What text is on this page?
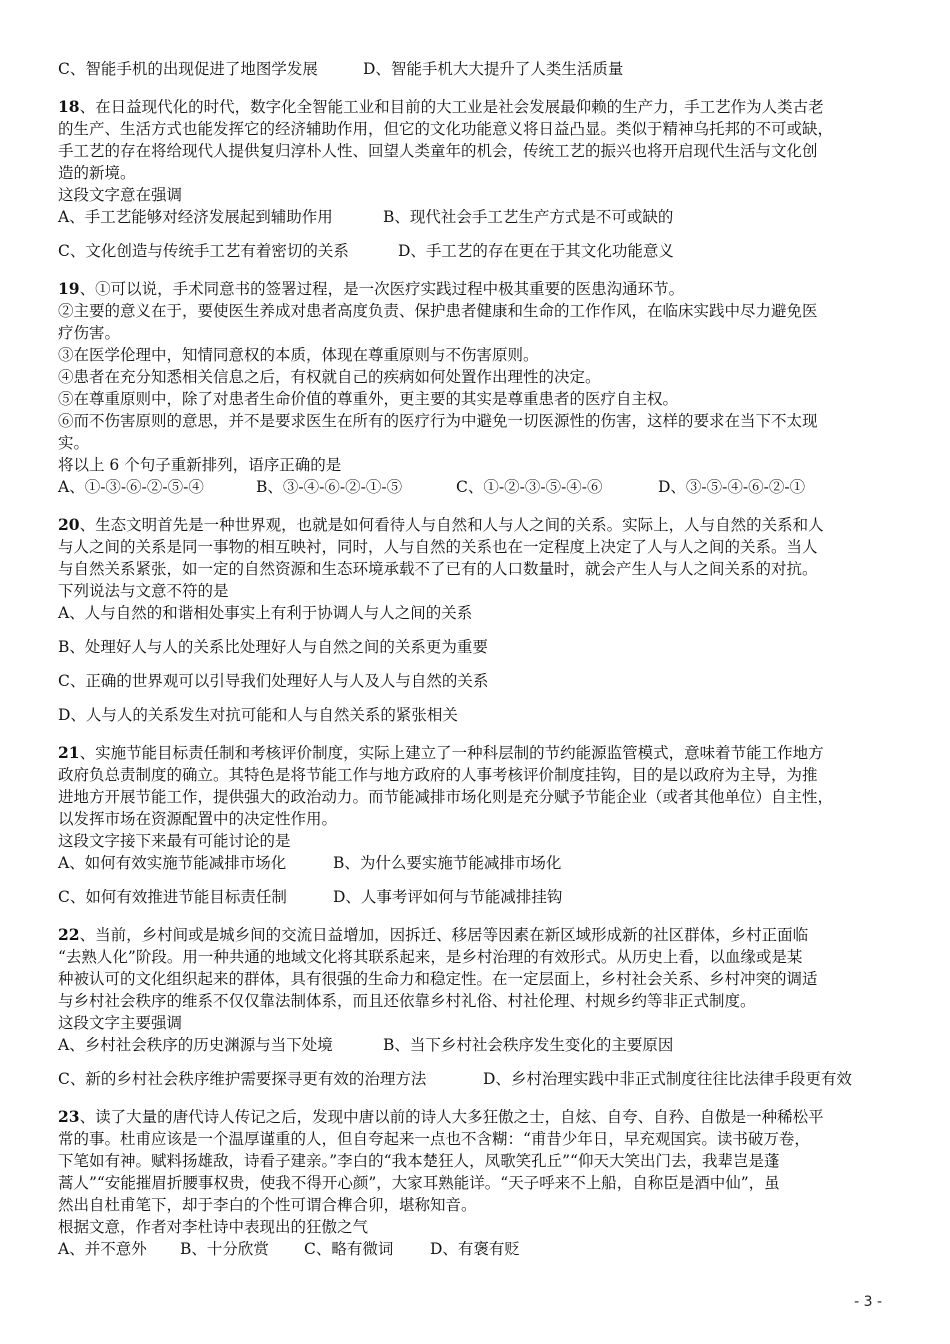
C、智能手机的出现促进了地图学发展	D、智能手机大大提升了人类生活质量
18、在日益现代化的时代，数字化全智能工业和目前的大工业是社会发展最仰赖的生产力，手工艺作为人类古老
的生产、生活方式也能发挥它的经济辅助作用，但它的文化功能意义将日益凸显。类似于精神乌托邦的不可或缺，
手工艺的存在将给现代人提供复归淳朴人性、回望人类童年的机会，传统工艺的振兴也将开启现代生活与文化创
造的新境。
这段文字意在强调
A、手工艺能够对经济发展起到辅助作用	B、现代社会手工艺生产方式是不可或缺的
C、文化创造与传统手工艺有着密切的关系	D、手工艺的存在更在于其文化功能意义
19、①可以说，手术同意书的签署过程，是一次医疗实践过程中极其重要的医患沟通环节。
②主要的意义在于，要使医生养成对患者高度负责、保护患者健康和生命的工作作风，在临床实践中尽力避免医
疗伤害。
③在医学伦理中，知情同意权的本质，体现在尊重原则与不伤害原则。
④患者在充分知悉相关信息之后，有权就自己的疾病如何处置作出理性的决定。
⑤在尊重原则中，除了对患者生命价值的尊重外，更主要的其实是尊重患者的医疗自主权。
⑥而不伤害原则的意思，并不是要求医生在所有的医疗行为中避免一切医源性的伤害，这样的要求在当下不太现
实。
将以上 6 个句子重新排列，语序正确的是
A、①-③-⑥-②-⑤-④	B、③-④-⑥-②-①-⑤	C、①-②-③-⑤-④-⑥	D、③-⑤-④-⑥-②-①
20、生态文明首先是一种世界观，也就是如何看待人与自然和人与人之间的关系。实际上，人与自然的关系和人
与人之间的关系是同一事物的相互映衬，同时，人与自然的关系也在一定程度上决定了人与人之间的关系。当人
与自然关系紧张，如一定的自然资源和生态环境承载不了已有的人口数量时，就会产生人与人之间关系的对抗。
下列说法与文意不符的是
A、人与自然的和谐相处事实上有利于协调人与人之间的关系
B、处理好人与人的关系比处理好人与自然之间的关系更为重要
C、正确的世界观可以引导我们处理好人与人及人与自然的关系
D、人与人的关系发生对抗可能和人与自然关系的紧张相关
21、实施节能目标责任制和考核评价制度，实际上建立了一种科层制的节约能源监管模式，意味着节能工作地方
政府负总责制度的确立。其特色是将节能工作与地方政府的人事考核评价制度挂钩，目的是以政府为主导，为推
进地方开展节能工作，提供强大的政治动力。而节能减排市场化则是充分赋予节能企业（或者其他单位）自主性，
以发挥市场在资源配置中的决定性作用。
这段文字接下来最有可能讨论的是
A、如何有效实施节能减排市场化	B、为什么要实施节能减排市场化
C、如何有效推进节能目标责任制	D、人事考评如何与节能减排挂钩
22、当前，乡村间或是城乡间的交流日益增加，因拆迁、移居等因素在新区域形成新的社区群体，乡村正面临
“去熟人化”阶段。用一种共通的地域文化将其联系起来，是乡村治理的有效形式。从历史上看，以血缘或是某
种被认可的文化组织起来的群体，具有很强的生命力和稳定性。在一定层面上，乡村社会关系、乡村冲突的调适
与乡村社会秩序的维系不仅仅靠法制体系，而且还依靠乡村礼俗、村社伦理、村规乡约等非正式制度。
这段文字主要强调
A、乡村社会秩序的历史渊源与当下处境	B、当下乡村社会秩序发生变化的主要原因
C、新的乡村社会秩序维护需要探寻更有效的治理方法	D、乡村治理实践中非正式制度往往比法律手段更有效
23、读了大量的唐代诗人传记之后，发现中唐以前的诗人大多狂傲之士，自炫、自夸、自矜、自傲是一种稀松平
常的事。杜甫应该是一个温厚谨重的人，但自夸起来一点也不含糊：“甫昔少年日，早充观国宾。读书破万卷，
下笔如有神。赋料扬雄敌，诗看子建亲。”李白的“我本楚狂人，凤歌笑孔丘”“仰天大笑出门去，我辈岂是蓬
蒿人”“安能摧眉折腰事权贵，使我不得开心颜”，大家耳熟能详。“天子呼来不上船，自称臣是酒中仙”，虽
然出自杜甫笔下，却于李白的个性可谓合榫合卯，堪称知音。
根据文意，作者对李杜诗中表现出的狂傲之气
A、并不意外 B、十分欣赏 C、略有微词 D、有褒有贬
- 3 -
